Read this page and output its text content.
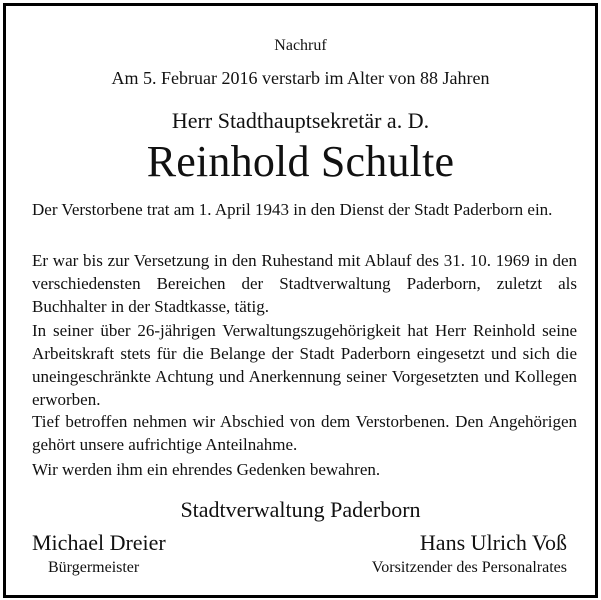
Nachruf
Am 5. Februar 2016 verstarb im Alter von 88 Jahren
Herr Stadthauptsekretär a. D.
Reinhold Schulte

Der Verstorbene trat am 1. April 1943 in den Dienst der Stadt Paderborn ein.

Er war bis zur Versetzung in den Ruhestand mit Ablauf des 31. 10. 1969 in den verschiedensten Bereichen der Stadtverwaltung Paderborn, zuletzt als Buchhalter in der Stadtkasse, tätig.

In seiner über 26-jährigen Verwaltungszugehörigkeit hat Herr Reinhold seine Arbeitskraft stets für die Belange der Stadt Paderborn eingesetzt und sich die uneingeschränkte Achtung und Anerkennung seiner Vorgesetzten und Kollegen erworben.

Tief betroffen nehmen wir Abschied von dem Verstorbenen. Den Angehörigen gehört unsere aufrichtige Anteilnahme.

Wir werden ihm ein ehrendes Gedenken bewahren.

Stadtverwaltung Paderborn
Michael Dreier	Hans Ulrich Voß
Bürgermeister	Vorsitzender des Personalrates
